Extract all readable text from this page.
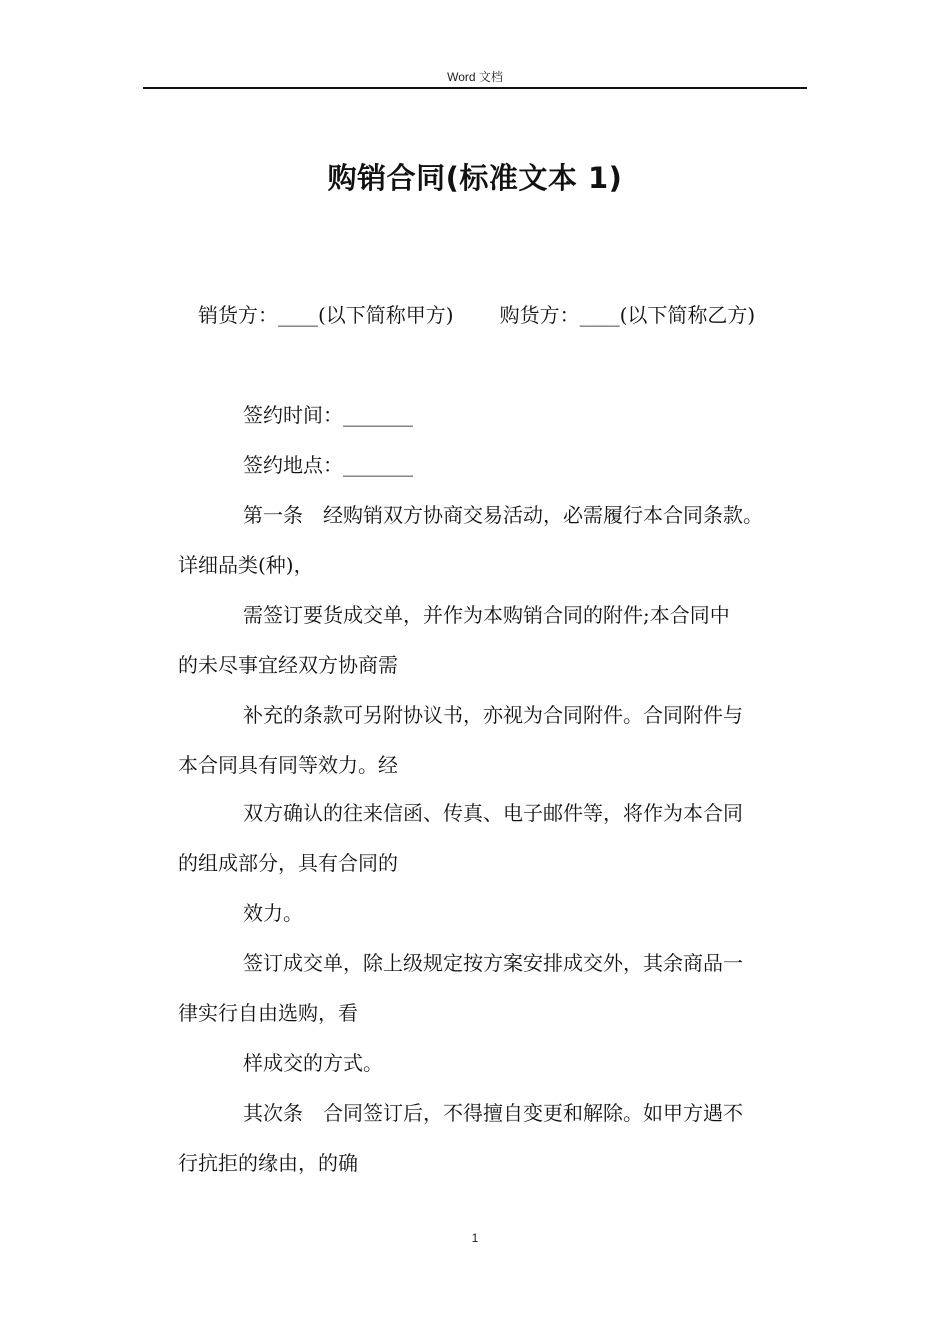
Word 文档
购销合同(标准文本 1)
销货方：____(以下简称甲方) 购货方：____(以下简称乙方)
签约时间：_______
签约地点：_______
第一条 经购销双方协商交易活动，必需履行本合同条款。
详细品类(种)，
需签订要货成交单，并作为本购销合同的附件;本合同中
的未尽事宜经双方协商需
补充的条款可另附协议书，亦视为合同附件。合同附件与
本合同具有同等效力。经
双方确认的往来信函、传真、电子邮件等，将作为本合同
的组成部分，具有合同的
效力。
签订成交单，除上级规定按方案安排成交外，其余商品一
律实行自由选购，看
样成交的方式。
其次条 合同签订后，不得擅自变更和解除。如甲方遇不
行抗拒的缘由，的确
1
